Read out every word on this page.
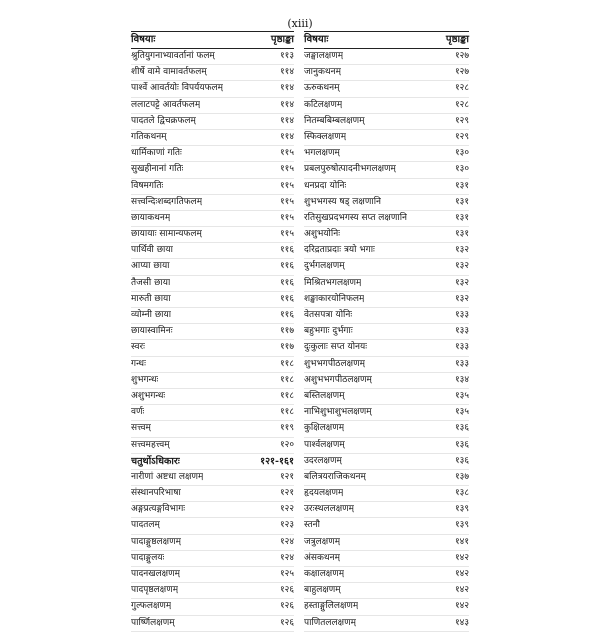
(xiii)
विषयाः	पृष्ठाङ्का
श्रुतियुगनाभ्यावर्तानां फलम्	११३
शीर्षे वामे वामावर्तफलम्	११४
पार्श्वे आवर्तयोः विपर्ययफलम्	११४
ललाटपट्टे आवर्तफलम्	११४
पादतले द्विचक्रफलम्	११४
गतिकथनम्	११४
धार्मिकाणां गतिः	११५
सुखहीनानां गतिः	११५
विषमगतिः	११५
सत्त्वन्दिःशब्दगतिफलम्	११५
छायाकथनम्	११५
छायायाः सामान्यफलम्	११५
पार्थिवी छाया	११६
आप्या छाया	११६
तैजसी छाया	११६
मारुती छाया	११६
व्योम्नी छाया	११६
छायास्वामिनः	११७
स्वरः	११७
गन्धः	११८
शुभगन्धः	११८
अशुभगन्धः	११८
वर्णः	११८
सत्त्वम्	११९
सत्त्वमहत्त्वम्	१२०
चतुर्थोऽधिकारः	१२१-१६१
नारीणां अष्टधा लक्षणम्	१२१
संस्थानपरिभाषा	१२१
अङ्गप्रत्यङ्गविभागः	१२२
पादतलम्	१२३
पादाङ्गुष्ठलक्षणम्	१२४
पादाङ्गुलयः	१२४
पादनखलक्षणम्	१२५
पादपृष्ठलक्षणम्	१२६
गुल्फलक्षणम्	१२६
पार्ष्णिलक्षणम्	१२६
विषयाः	पृष्ठाङ्का
जङ्घालक्षणम्	१२७
जानुकथनम्	१२७
ऊरुकथनम्	१२८
कटिलक्षणम्	१२८
नितम्बबिम्बलक्षणम्	१२९
स्फिक्लक्षणम्	१२९
भगलक्षणम्	१३०
प्रबलपुरुषोत्पादनीभगलक्षणम्	१३०
धनप्रदा योनिः	१३१
शुभभगस्य षड् लक्षणानि	१३१
रतिसुखप्रदभगस्य सप्त लक्षणानि	१३१
अशुभयोनिः	१३१
दरिद्रताप्रदाः त्रयो भगाः	१३२
दुर्भगलक्षणम्	१३२
मिश्रितभगलक्षणम्	१३२
शङ्खाकारयोनिफलम्	१३२
वेतसपत्रा योनिः	१३३
बहुभगाः दुर्भगाः	१३३
दुःकुलाः सप्त योनयः	१३३
शुभभगपीठलक्षणम्	१३३
अशुभभगपीठलक्षणम्	१३४
बस्तिलक्षणम्	१३५
नाभिशुभाशुभलक्षणम्	१३५
कुक्षिलक्षणम्	१३६
पार्श्वलक्षणम्	१३६
उदरलक्षणम्	१३६
बलित्रयराजिकथनम्	१३७
हृदयलक्षणम्	१३८
उरःस्थललक्षणम्	१३९
स्तनौ	१३९
जत्रुलक्षणम्	१४१
अंसकथनम्	१४२
कक्षालक्षणम्	१४२
बाहुलक्षणम्	१४२
हस्ताङ्गुलिलक्षणम्	१४२
पाणितललक्षणम्	१४३
